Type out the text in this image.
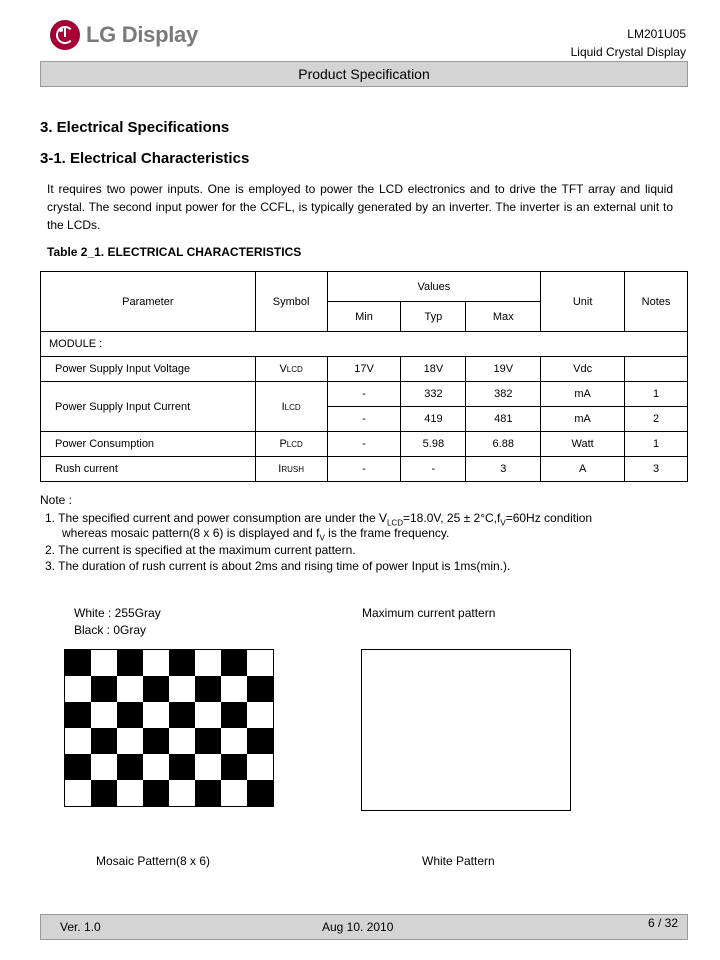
LG Display	LM201U05
Liquid Crystal Display
Product Specification
3. Electrical Specifications
3-1. Electrical Characteristics
It requires two power inputs. One is employed to power the LCD electronics and to drive the TFT array and liquid crystal. The second input power for the CCFL, is typically generated by an inverter. The inverter is an external unit to the LCDs.
Table 2_1. ELECTRICAL CHARACTERISTICS
Parameter	Symbol	Values			Unit	Notes
		Min	Typ	Max		
MODULE :						
Power Supply Input Voltage	VLCD	17V	18V	19V	Vdc	
Power Supply Input Current	ILCD	-	332	382	mA	1
		-	419	481	mA	2
Power Consumption	PLCD	-	5.98	6.88	Watt	1
Rush current	IRUSH	-	-	3	A	3
Note :
1. The specified current and power consumption are under the $V_{LCD}=18.0V$, $25 \pm 2^\circ C,f_V=60Hz$ condition
whereas mosaic pattern(8 x 6) is displayed and $f_V$ is the frame frequency.
2. The current is specified at the maximum current pattern.
3. The duration of rush current is about 2ms and rising time of power Input is 1ms(min.).
White : 255Gray
Black : 0Gray
Maximum current pattern
Mosaic Pattern(8 x 6)	White Pattern
Ver. 1.0	Aug 10. 2010	6 / 32
